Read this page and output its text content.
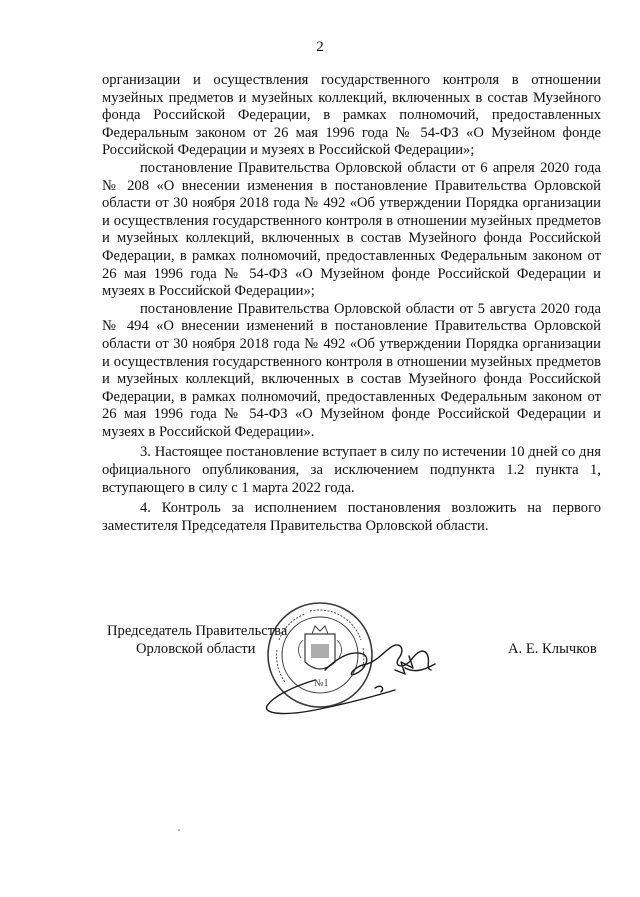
2

организации и осуществления государственного контроля в отношении музейных предметов и музейных коллекций, включенных в состав Музейного фонда Российской Федерации, в рамках полномочий, предоставленных Федеральным законом от 26 мая 1996 года № 54-ФЗ «О Музейном фонде Российской Федерации и музеях в Российской Федерации»;

постановление Правительства Орловской области от 6 апреля 2020 года № 208 «О внесении изменения в постановление Правительства Орловской области от 30 ноября 2018 года № 492 «Об утверждении Порядка организации и осуществления государственного контроля в отношении музейных предметов и музейных коллекций, включенных в состав Музейного фонда Российской Федерации, в рамках полномочий, предоставленных Федеральным законом от 26 мая 1996 года № 54-ФЗ «О Музейном фонде Российской Федерации и музеях в Российской Федерации»;

постановление Правительства Орловской области от 5 августа 2020 года № 494 «О внесении изменений в постановление Правительства Орловской области от 30 ноября 2018 года № 492 «Об утверждении Порядка организации и осуществления государственного контроля в отношении музейных предметов и музейных коллекций, включенных в состав Музейного фонда Российской Федерации, в рамках полномочий, предоставленных Федеральным законом от 26 мая 1996 года № 54-ФЗ «О Музейном фонде Российской Федерации и музеях в Российской Федерации».

3. Настоящее постановление вступает в силу по истечении 10 дней со дня официального опубликования, за исключением подпункта 1.2 пункта 1, вступающего в силу с 1 марта 2022 года.

4. Контроль за исполнением постановления возложить на первого заместителя Председателя Правительства Орловской области.

№1
Председатель Правительства
Орловской области	А. Е. Клычков
